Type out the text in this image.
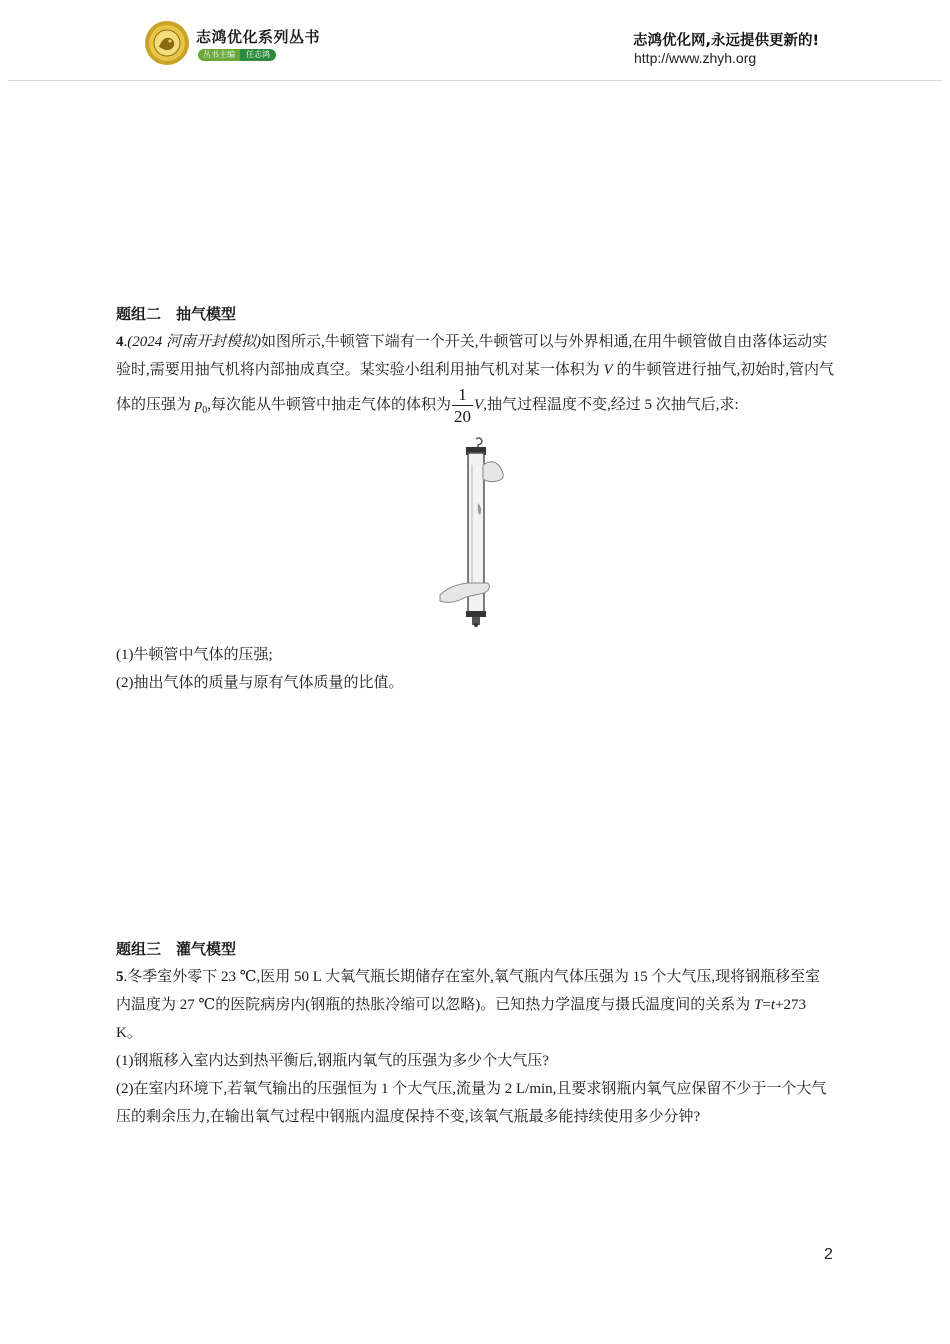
志鸿优化系列丛书
丛书主编	任志鸿
志鸿优化网,永远提供更新的!
http://www.zhyh.org
题组二　抽气模型

4.(2024 河南开封模拟)如图所示,牛顿管下端有一个开关,牛顿管可以与外界相通,在用牛顿管做自由落体运动实验时,需要用抽气机将内部抽成真空。某实验小组利用抽气机对某一体积为 V 的牛顿管进行抽气,初始时,管内气体的压强为 $p_0$,每次能从牛顿管中抽走气体的体积为 $\frac{1}{20} V$,抽气过程温度不变,经过 5 次抽气后,求:

(1)牛顿管中气体的压强;

(2)抽出气体的质量与原有气体质量的比值。

题组三　灌气模型

5.冬季室外零下 23 ℃,医用 50 L 大氧气瓶长期储存在室外,氧气瓶内气体压强为 15 个大气压,现将钢瓶移至室内温度为 27 ℃的医院病房内(钢瓶的热胀冷缩可以忽略)。已知热力学温度与摄氏温度间的关系为 T=t+273 K。

(1)钢瓶移入室内达到热平衡后,钢瓶内氧气的压强为多少个大气压?

(2)在室内环境下,若氧气输出的压强恒为 1 个大气压,流量为 2 L/min,且要求钢瓶内氧气应保留不少于一个大气压的剩余压力,在输出氧气过程中钢瓶内温度保持不变,该氧气瓶最多能持续使用多少分钟?

2
